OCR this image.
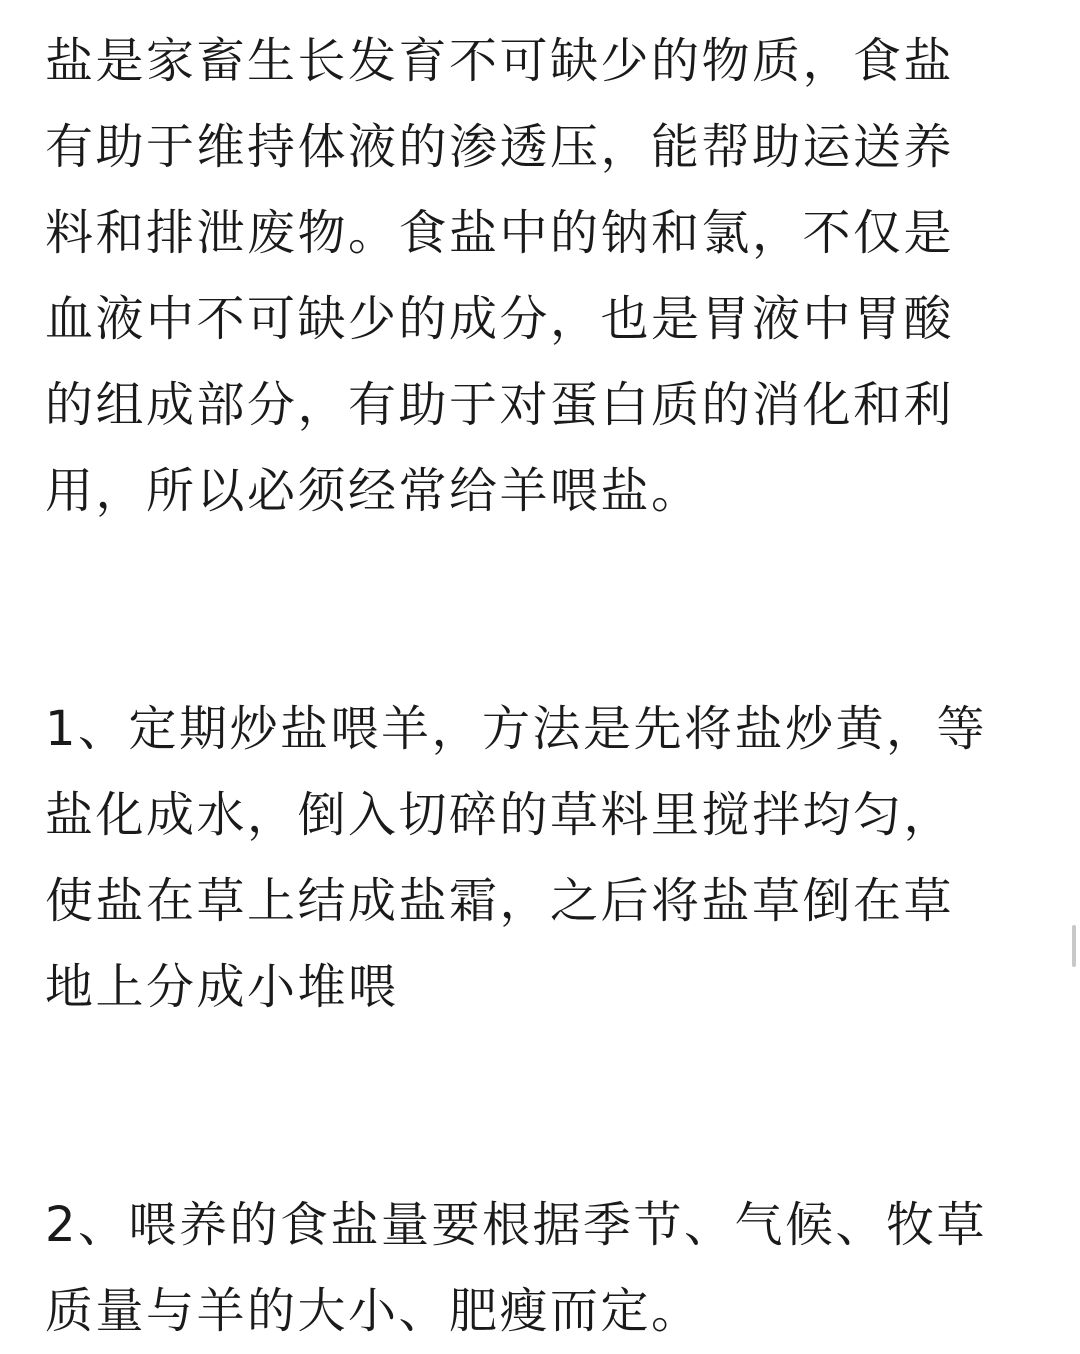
盐是家畜生长发育不可缺少的物质，食盐
有助于维持体液的渗透压，能帮助运送养
料和排泄废物。食盐中的钠和氯，不仅是
血液中不可缺少的成分，也是胃液中胃酸
的组成部分，有助于对蛋白质的消化和利
用，所以必须经常给羊喂盐。
1、定期炒盐喂羊，方法是先将盐炒黄，等
盐化成水，倒入切碎的草料里搅拌均匀，
使盐在草上结成盐霜，之后将盐草倒在草
地上分成小堆喂
2、喂养的食盐量要根据季节、气候、牧草
质量与羊的大小、肥瘦而定。
